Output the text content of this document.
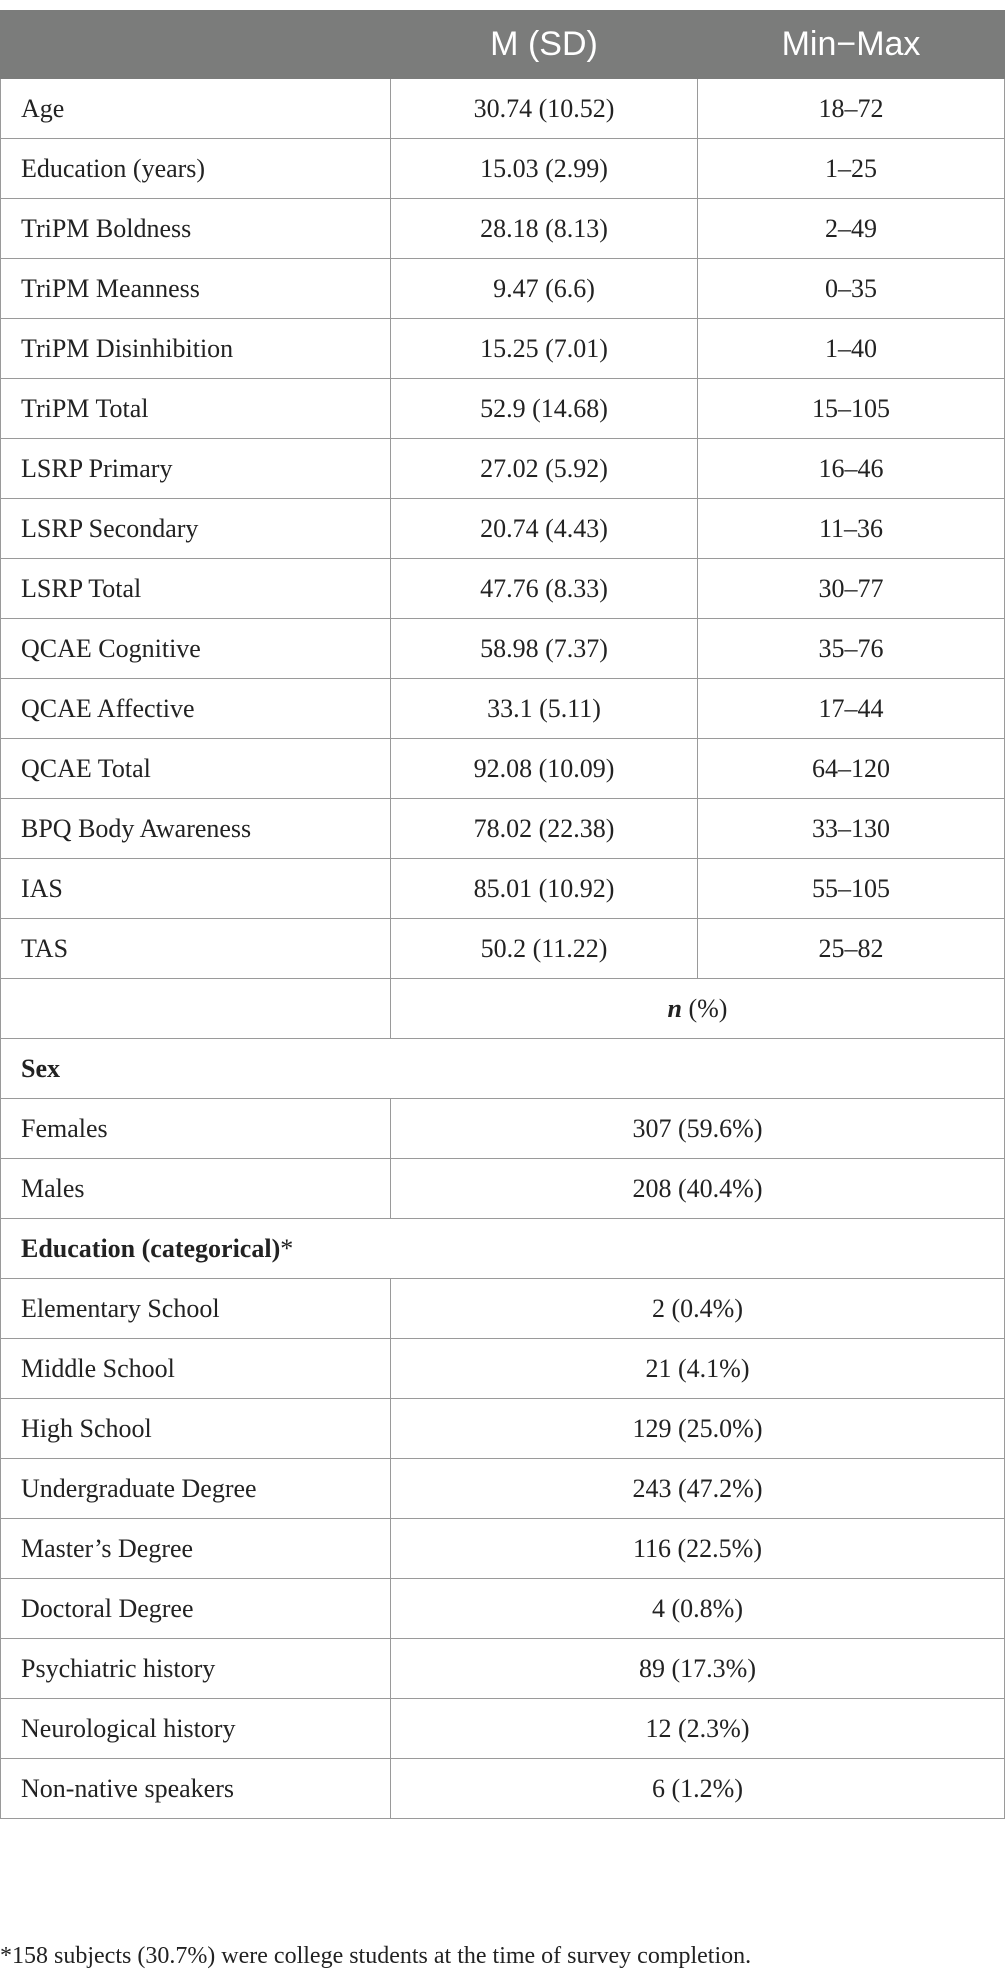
	M (SD)	Min−Max
Age	30.74 (10.52)	18–72
Education (years)	15.03 (2.99)	1–25
TriPM Boldness	28.18 (8.13)	2–49
TriPM Meanness	9.47 (6.6)	0–35
TriPM Disinhibition	15.25 (7.01)	1–40
TriPM Total	52.9 (14.68)	15–105
LSRP Primary	27.02 (5.92)	16–46
LSRP Secondary	20.74 (4.43)	11–36
LSRP Total	47.76 (8.33)	30–77
QCAE Cognitive	58.98 (7.37)	35–76
QCAE Affective	33.1 (5.11)	17–44
QCAE Total	92.08 (10.09)	64–120
BPQ Body Awareness	78.02 (22.38)	33–130
IAS	85.01 (10.92)	55–105
TAS	50.2 (11.22)	25–82
	n (%)	
Sex		
Females	307 (59.6%)	
Males	208 (40.4%)	
Education (categorical)*		
Elementary School	2 (0.4%)	
Middle School	21 (4.1%)	
High School	129 (25.0%)	
Undergraduate Degree	243 (47.2%)	
Master’s Degree	116 (22.5%)	
Doctoral Degree	4 (0.8%)	
Psychiatric history	89 (17.3%)	
Neurological history	12 (2.3%)	
Non-native speakers	6 (1.2%)	
*158 subjects (30.7%) were college students at the time of survey completion.
